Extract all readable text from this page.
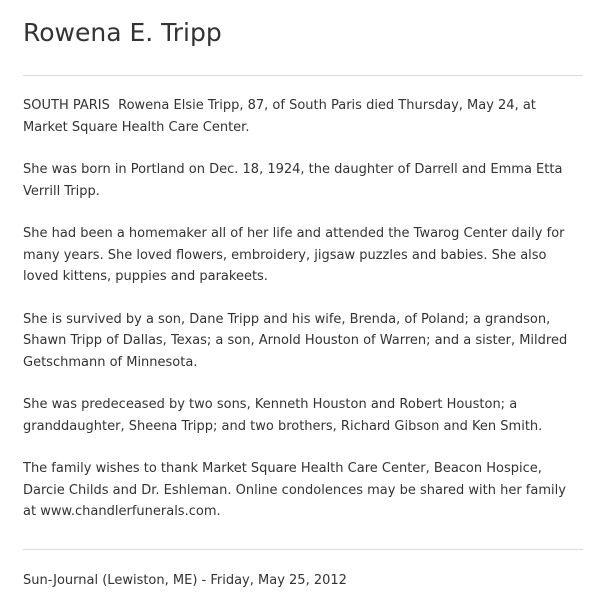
Rowena E. Tripp

SOUTH PARIS  Rowena Elsie Tripp, 87, of South Paris died Thursday, May 24, at Market Square Health Care Center.

She was born in Portland on Dec. 18, 1924, the daughter of Darrell and Emma Etta Verrill Tripp.

She had been a homemaker all of her life and attended the Twarog Center daily for many years. She loved flowers, embroidery, jigsaw puzzles and babies. She also loved kittens, puppies and parakeets.

She is survived by a son, Dane Tripp and his wife, Brenda, of Poland; a grandson, Shawn Tripp of Dallas, Texas; a son, Arnold Houston of Warren; and a sister, Mildred Getschmann of Minnesota.

She was predeceased by two sons, Kenneth Houston and Robert Houston; a granddaughter, Sheena Tripp; and two brothers, Richard Gibson and Ken Smith.

The family wishes to thank Market Square Health Care Center, Beacon Hospice, Darcie Childs and Dr. Eshleman. Online condolences may be shared with her family at www.chandlerfunerals.com.

Sun-Journal (Lewiston, ME) - Friday, May 25, 2012
